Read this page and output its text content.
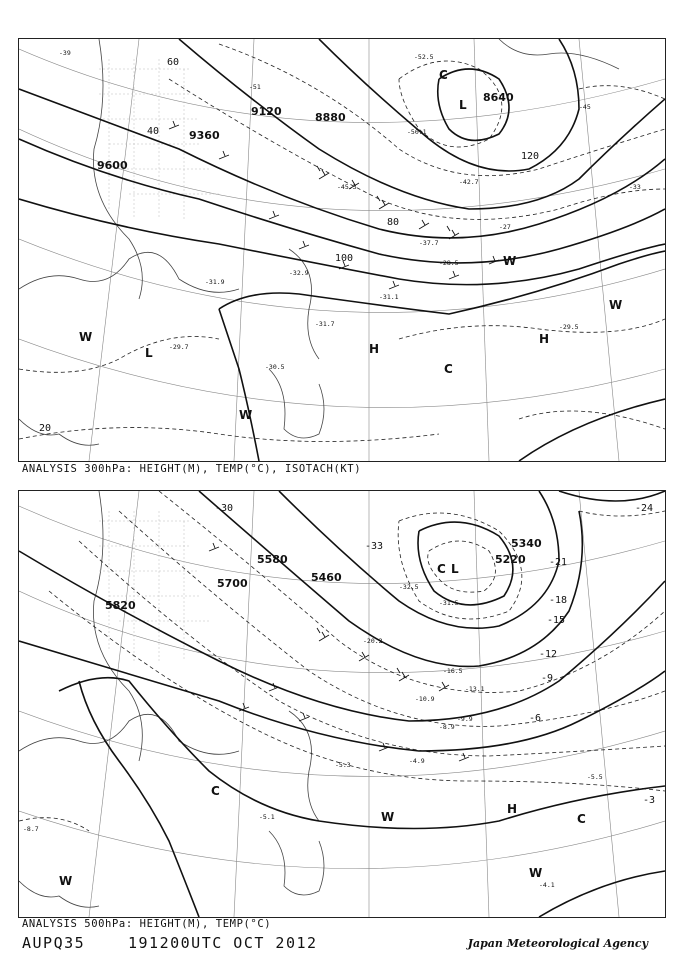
9600
9360
9120	8880
8640
20
40
60
80
100
120
-39
-45
-51
-33
-27
-52.5
-50.1
-45.3
-42.7
-37.7
-31.9
-31.7
-30.5
-29.7
-29.5
-31.1
-28.5
-32.9
L
L
C
W
W
W
H
H
C
W
ANALYSIS 300hPa: HEIGHT(M), TEMP(°C), ISOTACH(KT)
5820
5700
5580
5460
5340
5220
-30
-33
-24
-21
-18
-15
-12
-9
-6
-3
-32.5
-31.5
-20.2
-16.5
-13.1
-10.9
-9.9
-8.9
-5.3	-4.9
-5.1
-4.1
-5.5
-8.7
L
C
C
W
H
C
W
W
ANALYSIS 500hPa: HEIGHT(M), TEMP(°C)
AUPQ35	191200UTC OCT 2012	Japan Meteorological Agency
